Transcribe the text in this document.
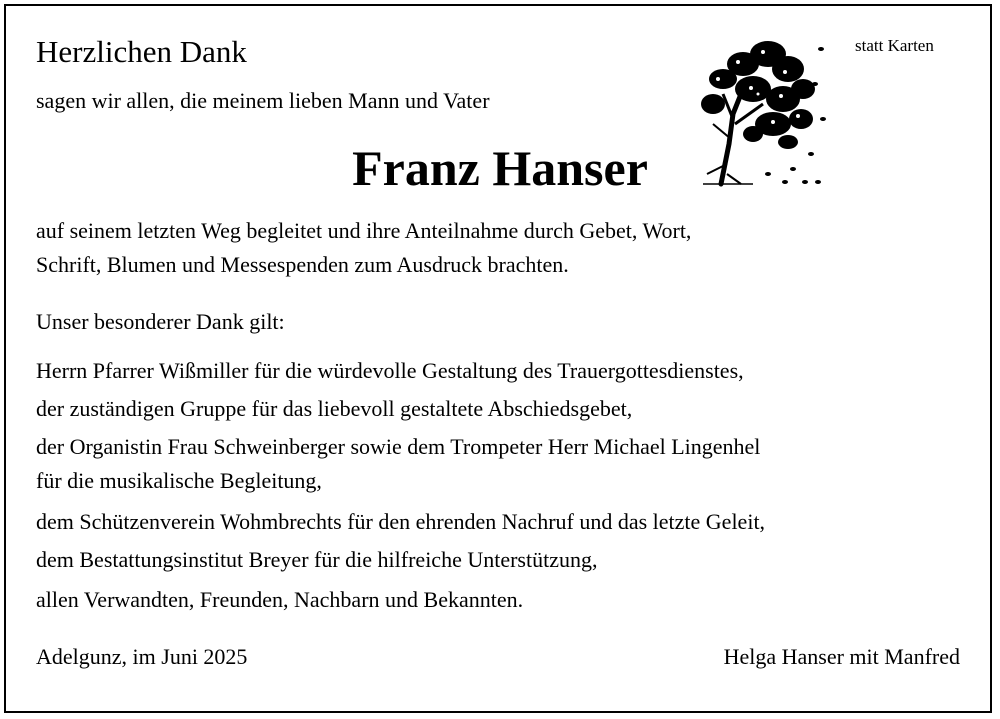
Herzlichen Dank	statt Karten
sagen wir allen, die meinem lieben Mann und Vater
Franz Hanser
auf seinem letzten Weg begleitet und ihre Anteilnahme durch Gebet, Wort,
Schrift, Blumen und Messespenden zum Ausdruck brachten.
Unser besonderer Dank gilt:
Herrn Pfarrer Wißmiller für die würdevolle Gestaltung des Trauergottesdienstes,
der zuständigen Gruppe für das liebevoll gestaltete Abschiedsgebet,
der Organistin Frau Schweinberger sowie dem Trompeter Herr Michael Lingenhel
für die musikalische Begleitung,
dem Schützenverein Wohmbrechts für den ehrenden Nachruf und das letzte Geleit,
dem Bestattungsinstitut Breyer für die hilfreiche Unterstützung,
allen Verwandten, Freunden, Nachbarn und Bekannten.
Adelgunz, im Juni 2025	Helga Hanser mit Manfred
